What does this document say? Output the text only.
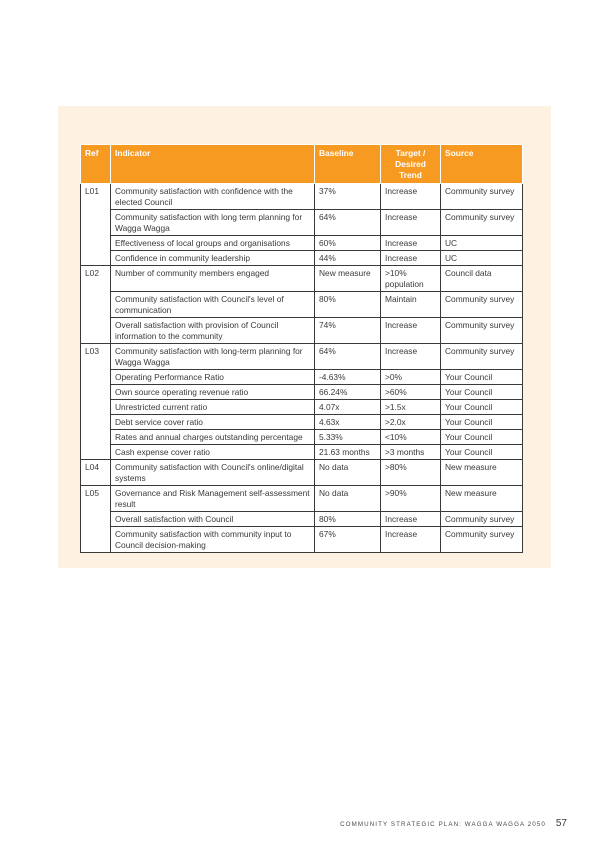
Ref	Indicator	Baseline	Target / Desired Trend	Source
L01	Community satisfaction with confidence with the elected Council	37%	Increase	Community survey
	Community satisfaction with long term planning for Wagga Wagga	64%	Increase	Community survey
	Effectiveness of local groups and organisations	60%	Increase	UC
	Confidence in community leadership	44%	Increase	UC
L02	Number of community members engaged	New measure	>10% population	Council data
	Community satisfaction with Council's level of communication	80%	Maintain	Community survey
	Overall satisfaction with provision of Council information to the community	74%	Increase	Community survey
L03	Community satisfaction with long-term planning for Wagga Wagga	64%	Increase	Community survey
	Operating Performance Ratio	-4.63%	>0%	Your Council
	Own source operating revenue ratio	66.24%	>60%	Your Council
	Unrestricted current ratio	4.07x	>1.5x	Your Council
	Debt service cover ratio	4.63x	>2.0x	Your Council
	Rates and annual charges outstanding percentage	5.33%	<10%	Your Council
	Cash expense cover ratio	21.63 months	>3 months	Your Council
L04	Community satisfaction with Council's online/digital systems	No data	>80%	New measure
L05	Governance and Risk Management self-assessment result	No data	>90%	New measure
	Overall satisfaction with Council	80%	Increase	Community survey
	Community satisfaction with community input to Council decision-making	67%	Increase	Community survey
COMMUNITY STRATEGIC PLAN: WAGGA WAGGA 2050 57
